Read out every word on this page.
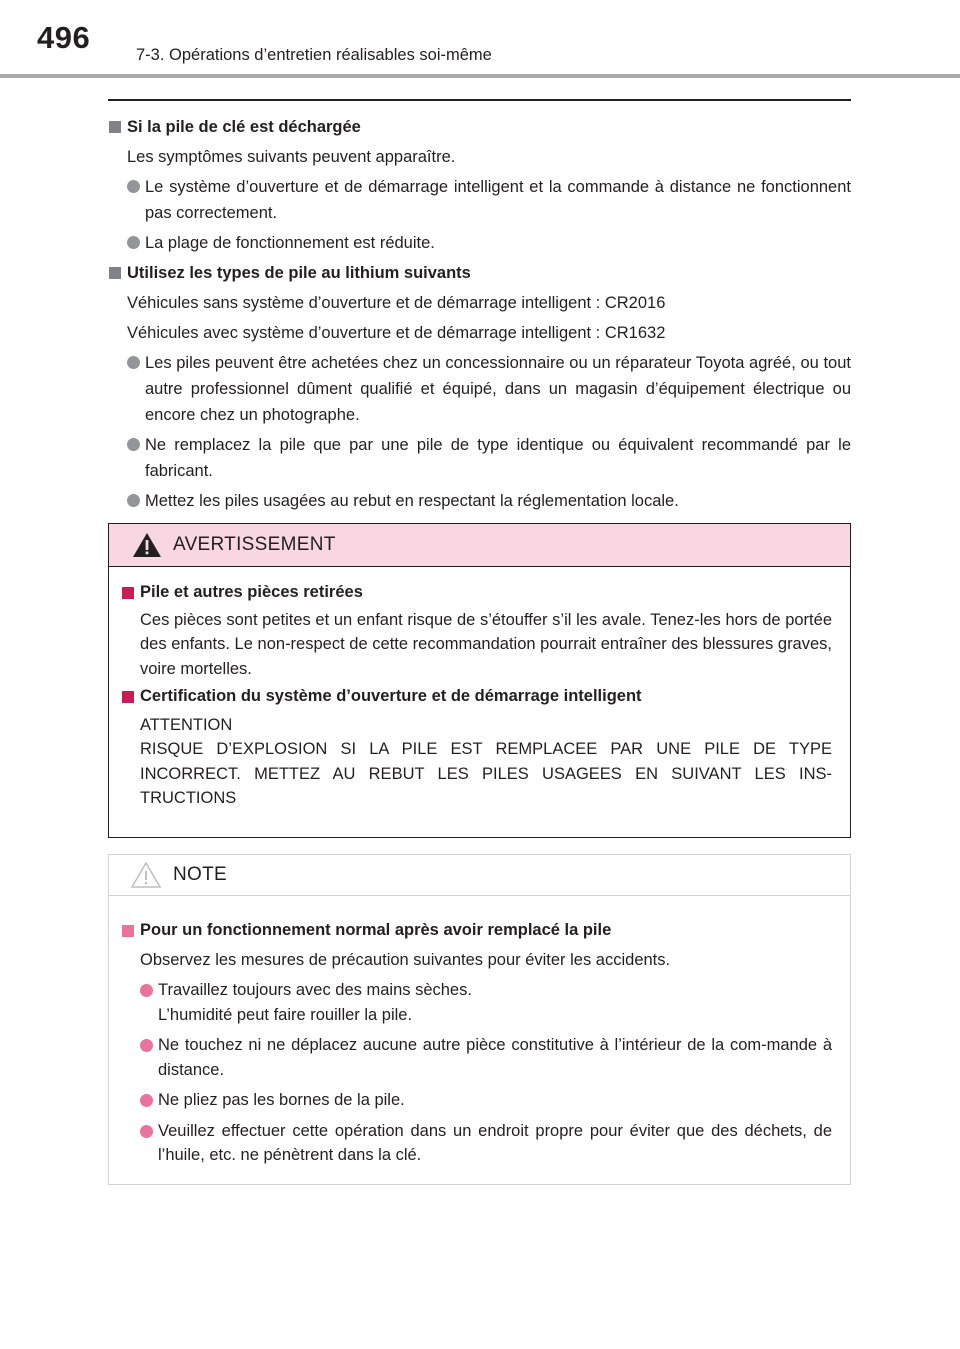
496	7-3. Opérations d’entretien réalisables soi-même
Si la pile de clé est déchargée
Les symptômes suivants peuvent apparaître.
Le système d’ouverture et de démarrage intelligent et la commande à distance ne fonctionnent pas correctement.
La plage de fonctionnement est réduite.
Utilisez les types de pile au lithium suivants
Véhicules sans système d’ouverture et de démarrage intelligent : CR2016
Véhicules avec système d’ouverture et de démarrage intelligent : CR1632
Les piles peuvent être achetées chez un concessionnaire ou un réparateur Toyota agréé, ou tout autre professionnel dûment qualifié et équipé, dans un magasin d’équipement électrique ou encore chez un photographe.
Ne remplacez la pile que par une pile de type identique ou équivalent recommandé par le fabricant.
Mettez les piles usagées au rebut en respectant la réglementation locale.
AVERTISSEMENT
Pile et autres pièces retirées
Ces pièces sont petites et un enfant risque de s’étouffer s’il les avale. Tenez-les hors de portée des enfants. Le non-respect de cette recommandation pourrait entraîner des blessures graves, voire mortelles.
Certification du système d’ouverture et de démarrage intelligent
ATTENTION
RISQUE D’EXPLOSION SI LA PILE EST REMPLACEE PAR UNE PILE DE TYPE INCORRECT. METTEZ AU REBUT LES PILES USAGEES EN SUIVANT LES INS-TRUCTIONS
NOTE
Pour un fonctionnement normal après avoir remplacé la pile
Observez les mesures de précaution suivantes pour éviter les accidents.
Travaillez toujours avec des mains sèches.
L’humidité peut faire rouiller la pile.
Ne touchez ni ne déplacez aucune autre pièce constitutive à l’intérieur de la com-mande à distance.
Ne pliez pas les bornes de la pile.
Veuillez effectuer cette opération dans un endroit propre pour éviter que des déchets, de l’huile, etc. ne pénètrent dans la clé.
